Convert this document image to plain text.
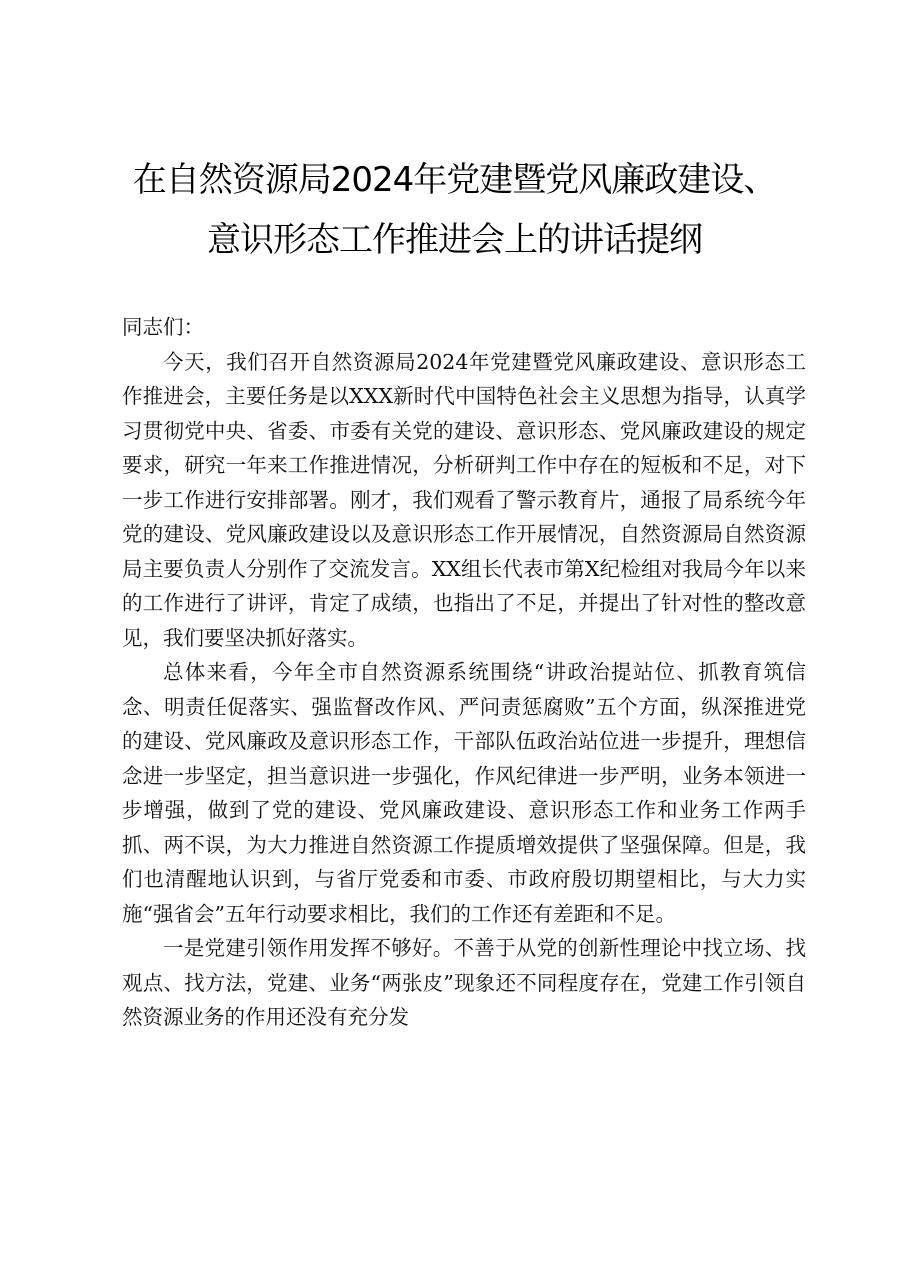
在自然资源局2024年党建暨党风廉政建设、
意识形态工作推进会上的讲话提纲

同志们：

今天，我们召开自然资源局2024年党建暨党风廉政建设、意识形态工作推进会，主要任务是以XXX新时代中国特色社会主义思想为指导，认真学习贯彻党中央、省委、市委有关党的建设、意识形态、党风廉政建设的规定要求，研究一年来工作推进情况，分析研判工作中存在的短板和不足，对下一步工作进行安排部署。刚才，我们观看了警示教育片，通报了局系统今年党的建设、党风廉政建设以及意识形态工作开展情况，自然资源局自然资源局主要负责人分别作了交流发言。XX组长代表市第X纪检组对我局今年以来的工作进行了讲评，肯定了成绩，也指出了不足，并提出了针对性的整改意见，我们要坚决抓好落实。

总体来看，今年全市自然资源系统围绕“讲政治提站位、抓教育筑信念、明责任促落实、强监督改作风、严问责惩腐败”五个方面，纵深推进党的建设、党风廉政及意识形态工作，干部队伍政治站位进一步提升，理想信念进一步坚定，担当意识进一步强化，作风纪律进一步严明，业务本领进一步增强，做到了党的建设、党风廉政建设、意识形态工作和业务工作两手抓、两不误，为大力推进自然资源工作提质增效提供了坚强保障。但是，我们也清醒地认识到，与省厅党委和市委、市政府殷切期望相比，与大力实施“强省会”五年行动要求相比，我们的工作还有差距和不足。

一是党建引领作用发挥不够好。不善于从党的创新性理论中找立场、找观点、找方法，党建、业务“两张皮”现象还不同程度存在，党建工作引领自然资源业务的作用还没有充分发
